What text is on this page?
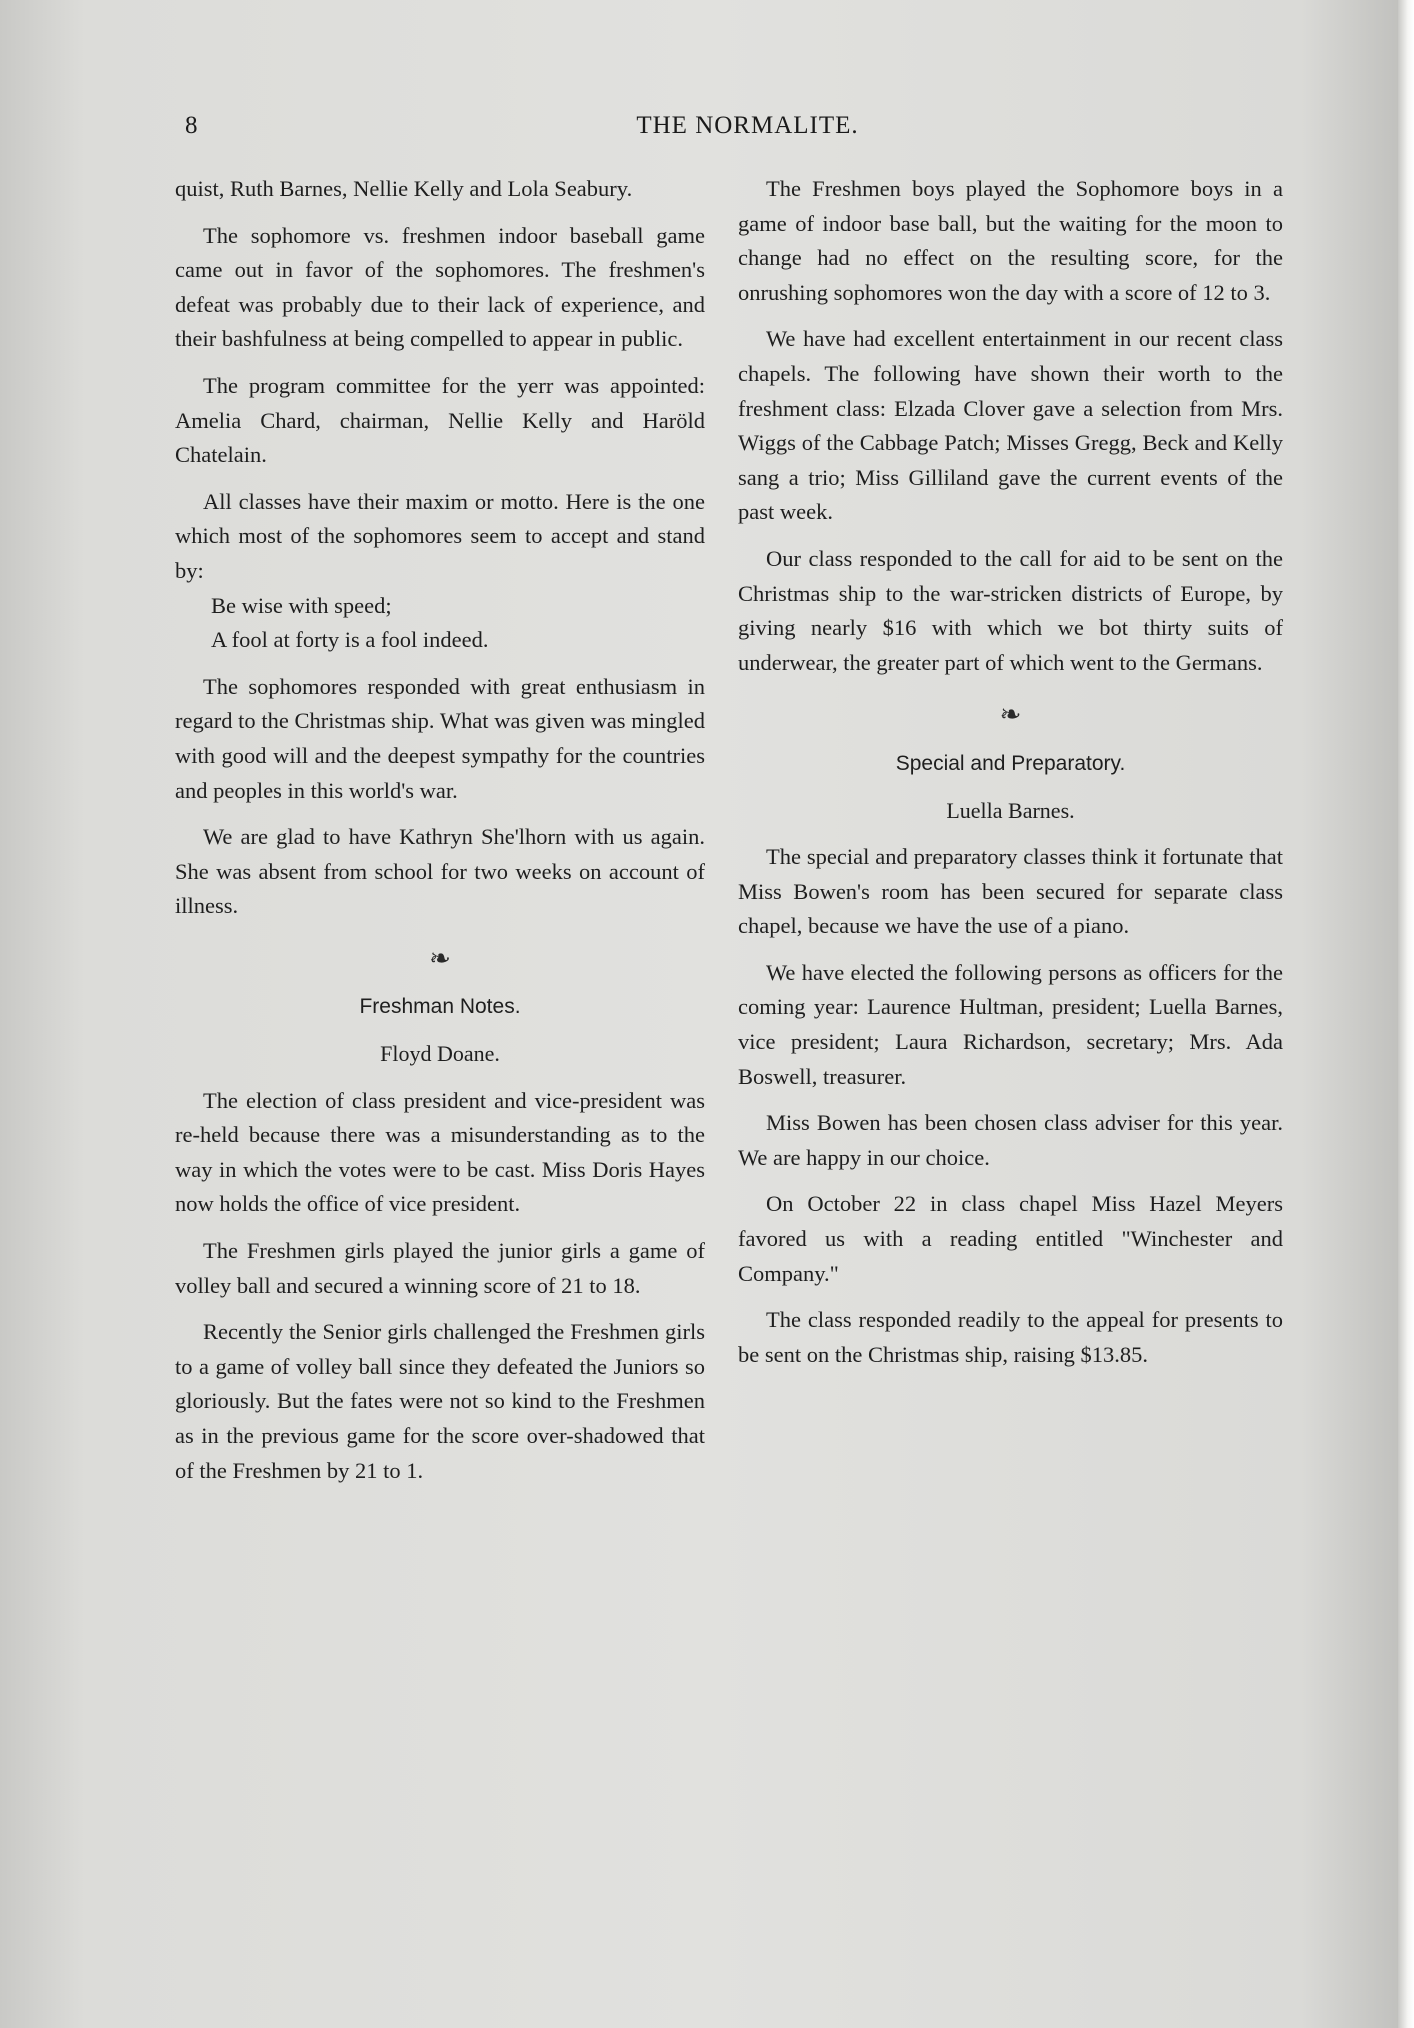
8	THE NORMALITE.

quist, Ruth Barnes, Nellie Kelly and Lola Seabury.

The sophomore vs. freshmen indoor baseball game came out in favor of the sophomores. The freshmen's defeat was probably due to their lack of experience, and their bashfulness at being compelled to appear in public.

The program committee for the yerr was appointed: Amelia Chard, chairman, Nellie Kelly and Haröld Chatelain.

All classes have their maxim or motto. Here is the one which most of the sophomores seem to accept and stand by:

Be wise with speed;

A fool at forty is a fool indeed.

The sophomores responded with great enthusiasm in regard to the Christmas ship. What was given was mingled with good will and the deepest sympathy for the countries and peoples in this world's war.

We are glad to have Kathryn She'lhorn with us again. She was absent from school for two weeks on account of illness.

❧
Freshman Notes.
Floyd Doane.

The election of class president and vice-president was re-held because there was a misunderstanding as to the way in which the votes were to be cast. Miss Doris Hayes now holds the office of vice president.

The Freshmen girls played the junior girls a game of volley ball and secured a winning score of 21 to 18.

Recently the Senior girls challenged the Freshmen girls to a game of volley ball since they defeated the Juniors so gloriously. But the fates were not so kind to the Freshmen as in the previous game for the score over-shadowed that of the Freshmen by 21 to 1.

The Freshmen boys played the Sophomore boys in a game of indoor base ball, but the waiting for the moon to change had no effect on the resulting score, for the onrushing sophomores won the day with a score of 12 to 3.

We have had excellent entertainment in our recent class chapels. The following have shown their worth to the freshment class: Elzada Clover gave a selection from Mrs. Wiggs of the Cabbage Patch; Misses Gregg, Beck and Kelly sang a trio; Miss Gilliland gave the current events of the past week.

Our class responded to the call for aid to be sent on the Christmas ship to the war-stricken districts of Europe, by giving nearly $16 with which we bot thirty suits of underwear, the greater part of which went to the Germans.

❧
Special and Preparatory.
Luella Barnes.

The special and preparatory classes think it fortunate that Miss Bowen's room has been secured for separate class chapel, because we have the use of a piano.

We have elected the following persons as officers for the coming year: Laurence Hultman, president; Luella Barnes, vice president; Laura Richardson, secretary; Mrs. Ada Boswell, treasurer.

Miss Bowen has been chosen class adviser for this year. We are happy in our choice.

On October 22 in class chapel Miss Hazel Meyers favored us with a reading entitled "Winchester and Company."

The class responded readily to the appeal for presents to be sent on the Christmas ship, raising $13.85.
